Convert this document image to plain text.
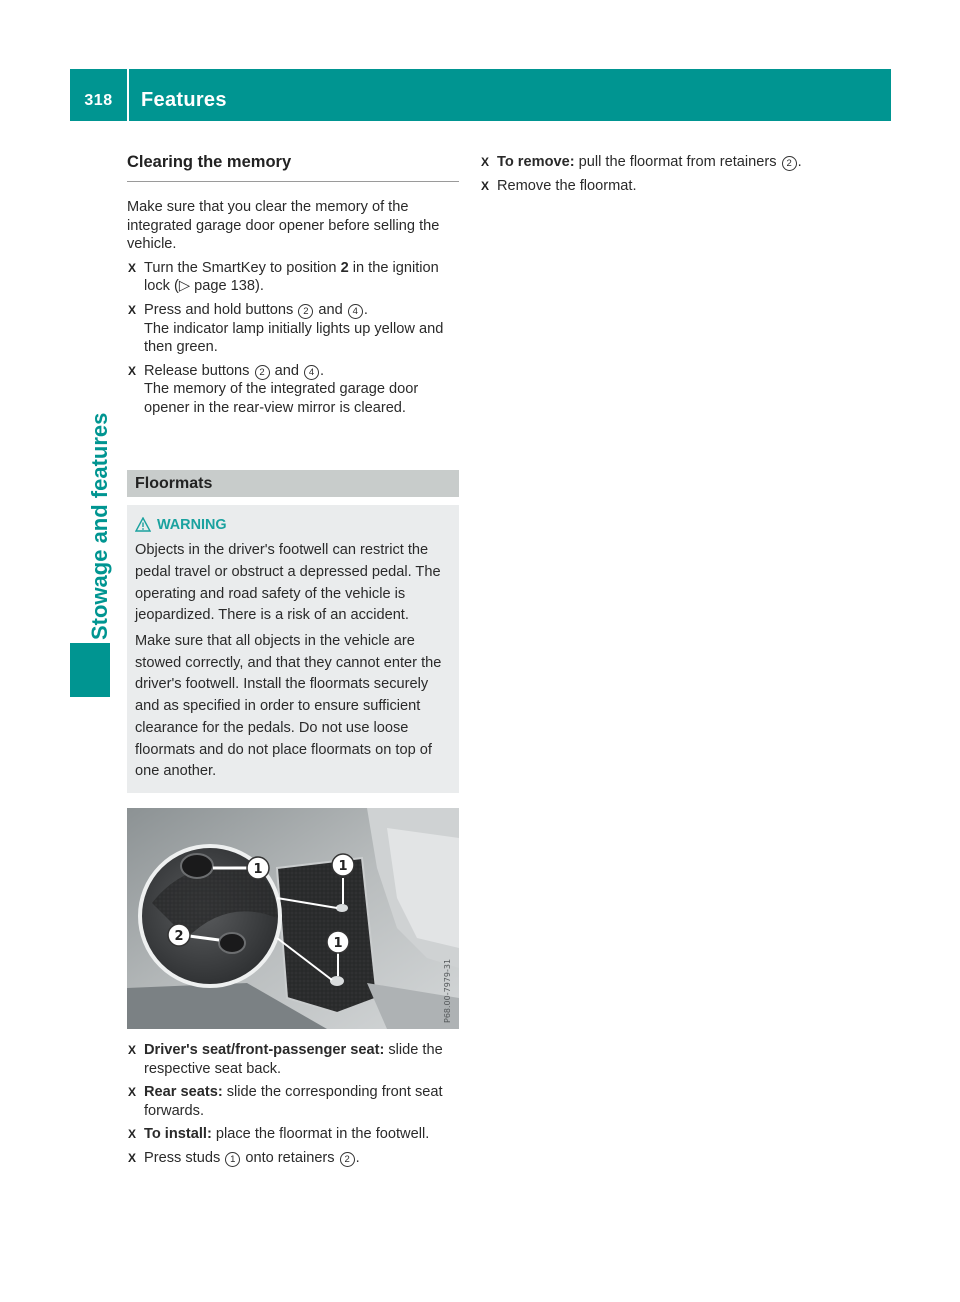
318	Features
Stowage and features
Clearing the memory

Make sure that you clear the memory of the integrated garage door opener before selling the vehicle.

X Turn the SmartKey to position 2 in the ignition lock (▷ page 138).
X Press and hold buttons 2 and 4 .
The indicator lamp initially lights up yellow and then green.
X Release buttons 2 and 4 .
The memory of the integrated garage door opener in the rear-view mirror is cleared.
Floormats
WARNING

Objects in the driver's footwell can restrict the pedal travel or obstruct a depressed pedal. The operating and road safety of the vehicle is jeopardized. There is a risk of an accident.

Make sure that all objects in the vehicle are stowed correctly, and that they cannot enter the driver's footwell. Install the floormats securely and as specified in order to ensure sufficient clearance for the pedals. Do not use loose floormats and do not place floormats on top of one another.

1	1
1
2
P68.00-7979-31
X Driver's seat/front-passenger seat: slide the respective seat back.
X Rear seats: slide the corresponding front seat forwards.
X To install: place the floormat in the footwell.
X Press studs 1 onto retainers 2 .
X To remove: pull the floormat from retainers 2 .
X Remove the floormat.
